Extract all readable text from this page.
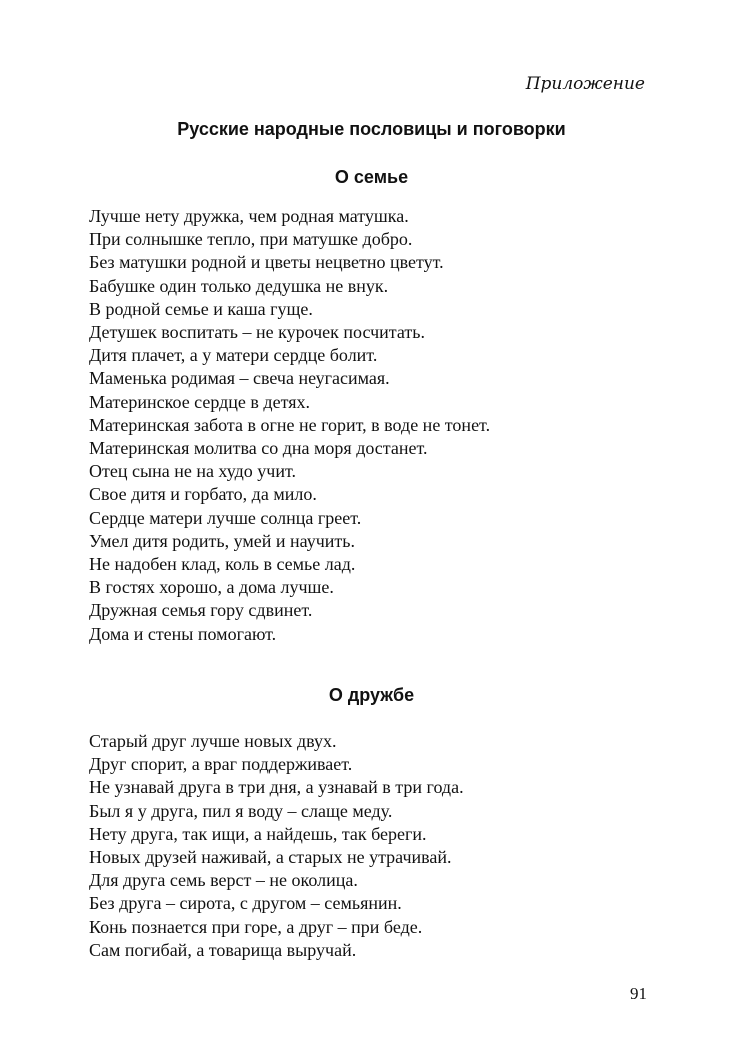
Приложение

Русские народные пословицы и поговорки
О семье
Лучше нету дружка, чем родная матушка.
При солнышке тепло, при матушке добро.
Без матушки родной и цветы нецветно цветут.
Бабушке один только дедушка не внук.
В родной семье и каша гуще.
Детушек воспитать – не курочек посчитать.
Дитя плачет, а у матери сердце болит.
Маменька родимая – свеча неугасимая.
Материнское сердце в детях.
Материнская забота в огне не горит, в воде не тонет.
Материнская молитва со дна моря достанет.
Отец сына не на худо учит.
Свое дитя и горбато, да мило.
Сердце матери лучше солнца греет.
Умел дитя родить, умей и научить.
Не надобен клад, коль в семье лад.
В гостях хорошо, а дома лучше.
Дружная семья гору сдвинет.
Дома и стены помогают.
О дружбе
Старый друг лучше новых двух.
Друг спорит, а враг поддерживает.
Не узнавай друга в три дня, а узнавай в три года.
Был я у друга, пил я воду – слаще меду.
Нету друга, так ищи, а найдешь, так береги.
Новых друзей наживай, а старых не утрачивай.
Для друга семь верст – не околица.
Без друга – сирота, с другом – семьянин.
Конь познается при горе, а друг – при беде.
Сам погибай, а товарища выручай.

91
